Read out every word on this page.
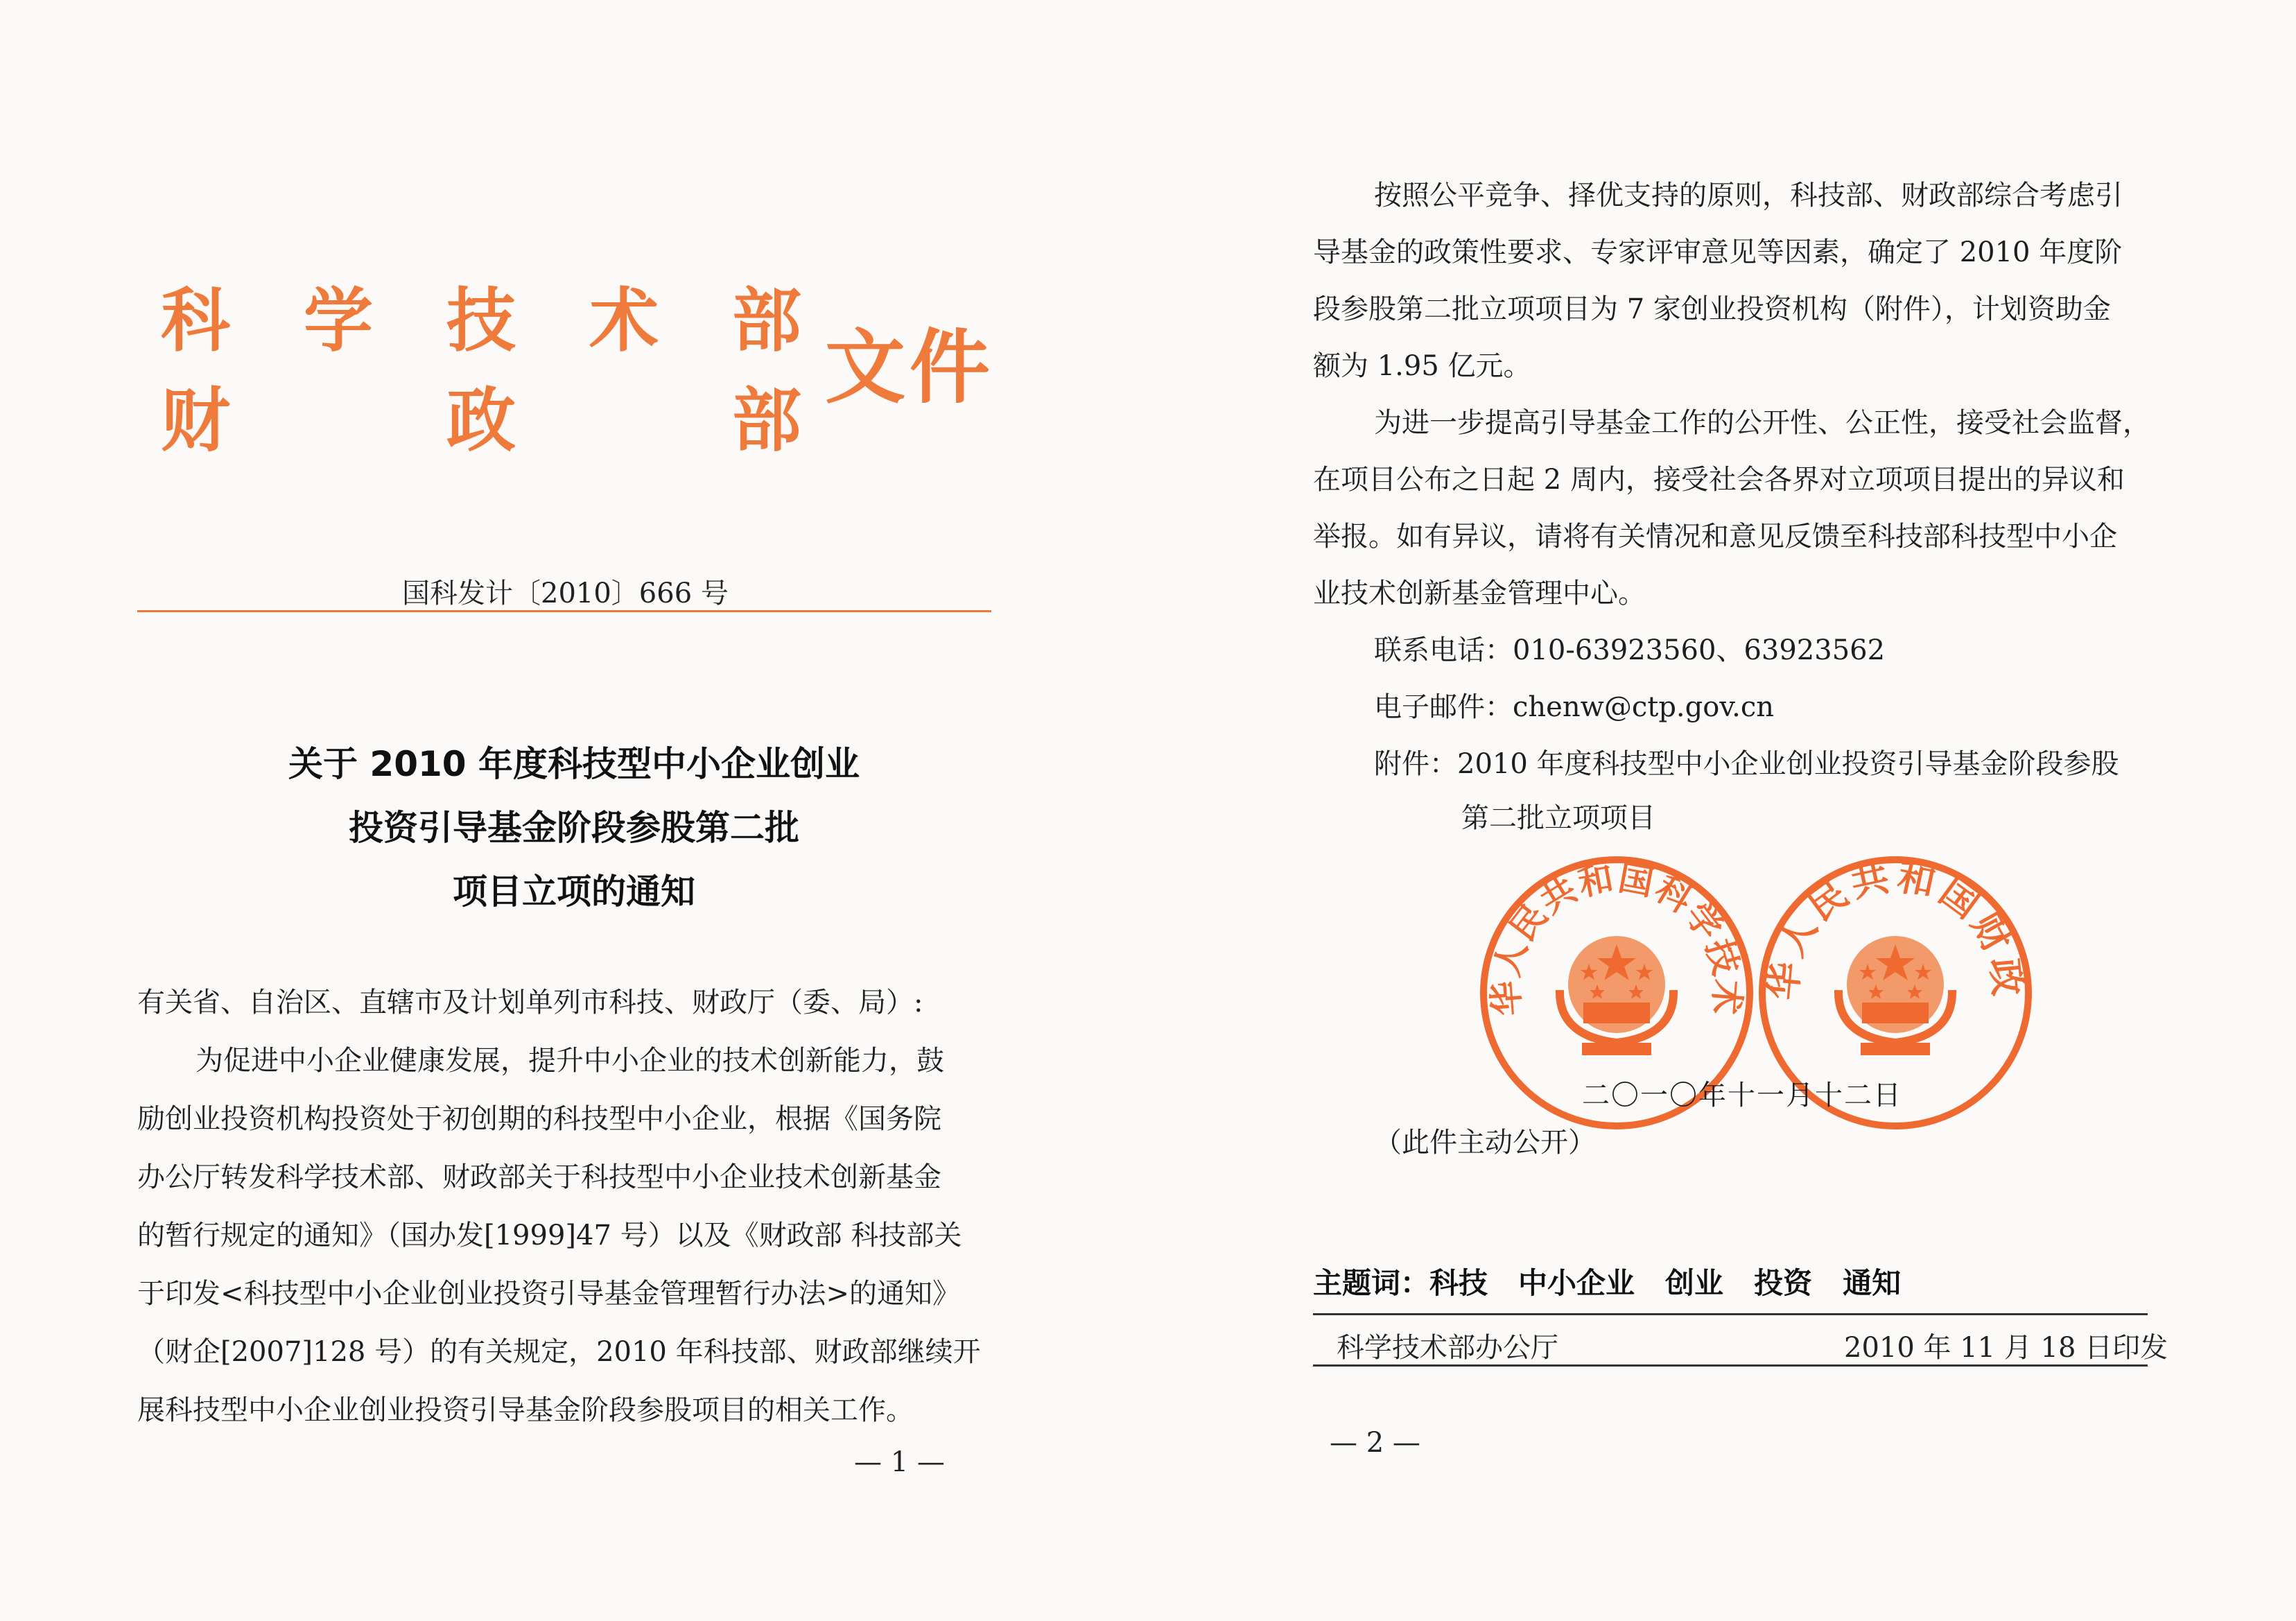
科 学 技 术 部
财	政	部
文件
国科发计〔2010〕666 号
关于 2010 年度科技型中小企业创业
投资引导基金阶段参股第二批
项目立项的通知
有关省、自治区、直辖市及计划单列市科技、财政厅（委、局）:
为促进中小企业健康发展，提升中小企业的技术创新能力，鼓
励创业投资机构投资处于初创期的科技型中小企业，根据《国务院
办公厅转发科学技术部、财政部关于科技型中小企业技术创新基金
的暂行规定的通知》（国办发[1999]47 号）以及《财政部 科技部关
于印发<科技型中小企业创业投资引导基金管理暂行办法>的通知》
（财企[2007]128 号）的有关规定，2010 年科技部、财政部继续开
展科技型中小企业创业投资引导基金阶段参股项目的相关工作。
— 1 —
按照公平竞争、择优支持的原则，科技部、财政部综合考虑引
导基金的政策性要求、专家评审意见等因素，确定了 2010 年度阶
段参股第二批立项项目为 7 家创业投资机构（附件），计划资助金
额为 1.95 亿元。
为进一步提高引导基金工作的公开性、公正性，接受社会监督，
在项目公布之日起 2 周内，接受社会各界对立项项目提出的异议和
举报。如有异议，请将有关情况和意见反馈至科技部科技型中小企
业技术创新基金管理中心。
联系电话：010-63923560、63923562
电子邮件：chenw@ctp.gov.cn
附件：2010 年度科技型中小企业创业投资引导基金阶段参股
第二批立项项目
华人民共和国科学技术 华人民共和国财政
二〇一〇年十一月十二日
（此件主动公开）
主题词：科技 中小企业 创业 投资 通知
科学技术部办公厅	2010 年 11 月 18 日印发
— 2 —
